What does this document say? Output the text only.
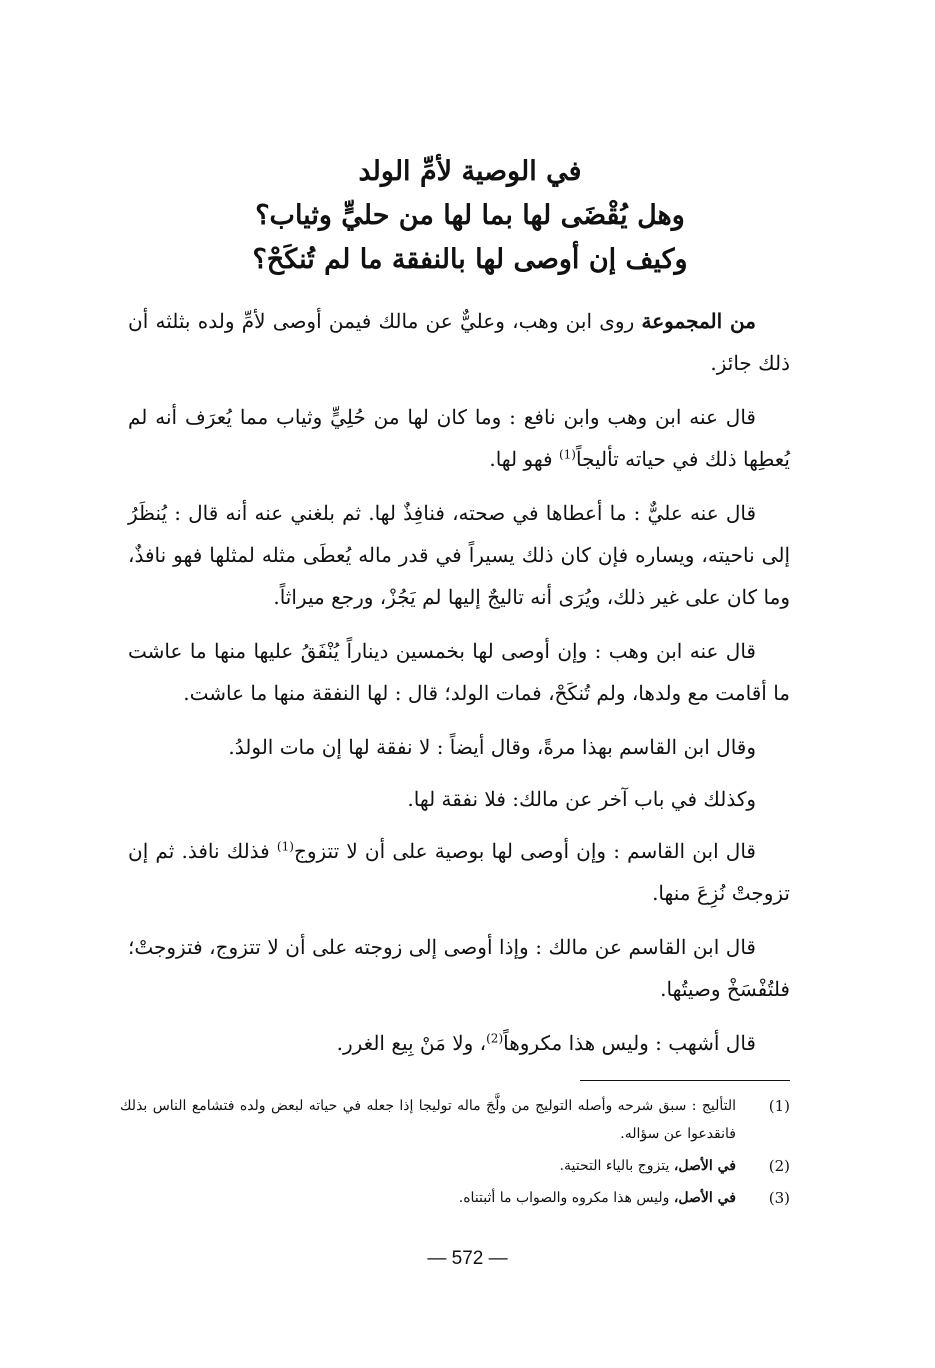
في الوصية لأمِّ الولد
وهل يُقْضَى لها بما لها من حليٍّ وثياب؟
وكيف إن أوصى لها بالنفقة ما لم تُنكَحْ؟

من المجموعة روى ابن وهب، وعليٌّ عن مالك فيمن أوصى لأمِّ ولده بثلثه أن ذلك جائز.

قال عنه ابن وهب وابن نافع : وما كان لها من حُلِيٍّ وثياب مما يُعرَف أنه لم يُعطِها ذلك في حياته تأليجاً$^{(1)}$ فهو لها.

قال عنه عليٌّ : ما أعطاها في صحته، فنافِذٌ لها. ثم بلغني عنه أنه قال : يُنظَرُ إلى ناحيته، ويساره فإن كان ذلك يسيراً في قدر ماله يُعطَى مثله لمثلها فهو نافذٌ، وما كان على غير ذلك، ويُرَى أنه تاليجٌ إليها لم يَجُزْ، ورجع ميراثاً.

قال عنه ابن وهب : وإن أوصى لها بخمسين ديناراً يُنْفَقُ عليها منها ما عاشت ما أقامت مع ولدها، ولم تُنكَحْ، فمات الولد؛ قال : لها النفقة منها ما عاشت.

وقال ابن القاسم بهذا مرةً، وقال أيضاً : لا نفقة لها إن مات الولدُ.

وكذلك في باب آخر عن مالك: فلا نفقة لها.

قال ابن القاسم : وإن أوصى لها بوصية على أن لا تتزوج$^{(1)}$ فذلك نافذ. ثم إن تزوجتْ نُزِعَ منها.

قال ابن القاسم عن مالك : وإذا أوصى إلى زوجته على أن لا تتزوج، فتزوجتْ؛ فلتُفْسَخْ وصيتُها.

قال أشهب : وليس هذا مكروهاً$^{(2)}$، ولا مَنْ بِيع الغرر.

(1)
التأليج : سبق شرحه وأصله التوليج من ولَّجَ ماله توليجا إذا جعله في حياته لبعض ولده فتشامع الناس بذلك فانقدعوا عن سؤاله.
(2)
في الأصل، يتزوج بالياء التحتية.
(3)
في الأصل، وليس هذا مكروه والصواب ما أثبتناه.
— 572 —
